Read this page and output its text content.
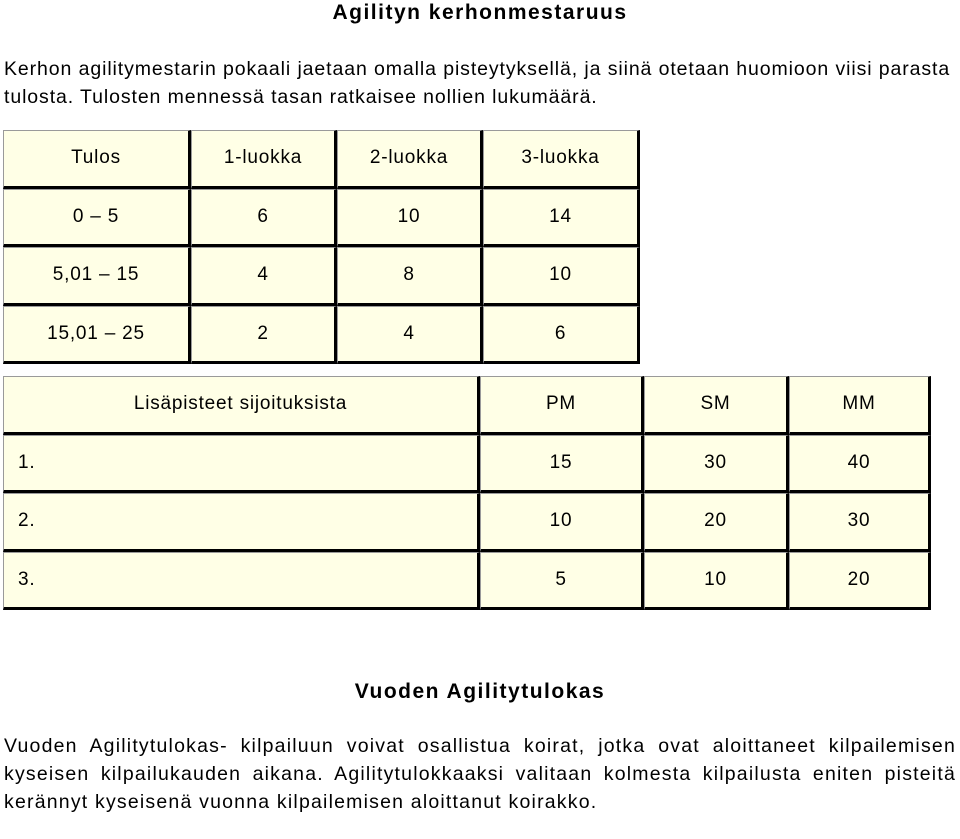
Agilityn kerhonmestaruus
Kerhon agilitymestarin pokaali jaetaan omalla pisteytyksellä, ja siinä otetaan huomioon viisi parasta tulosta. Tulosten mennessä tasan ratkaisee nollien lukumäärä.
Tulos	1-luokka	2-luokka	3-luokka
0 – 5	6	10	14
5,01 – 15	4	8	10
15,01 – 25	2	4	6
Lisäpisteet sijoituksista	PM	SM	MM
1.	15	30	40
2.	10	20	30
3.	5	10	20
Vuoden Agilitytulokas
Vuoden Agilitytulokas- kilpailuun voivat osallistua koirat, jotka ovat aloittaneet kilpailemisen kyseisen kilpailukauden aikana. Agilitytulokkaaksi valitaan kolmesta kilpailusta eniten pisteitä kerännyt kyseisenä vuonna kilpailemisen aloittanut koirakko.
